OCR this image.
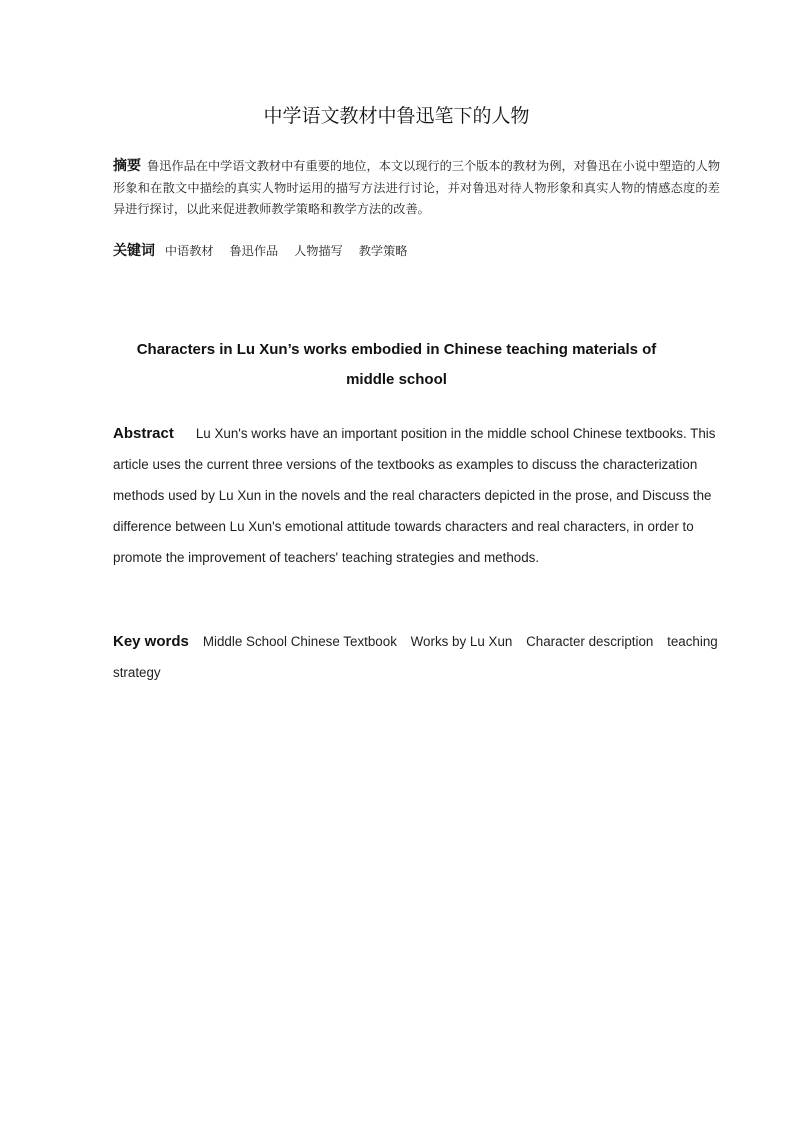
中学语文教材中鲁迅笔下的人物
摘要 鲁迅作品在中学语文教材中有重要的地位，本文以现行的三个版本的教材为例，对鲁迅在小说中塑造的人物形象和在散文中描绘的真实人物时运用的描写方法进行讨论，并对鲁迅对待人物形象和真实人物的情感态度的差异进行探讨，以此来促进教师教学策略和教学方法的改善。
关键词 中语教材 鲁迅作品 人物描写 教学策略
Characters in Lu Xun’s works embodied in Chinese teaching materials of
middle school
Abstract Lu Xun's works have an important position in the middle school Chinese textbooks. This article uses the current three versions of the textbooks as examples to discuss the characterization methods used by Lu Xun in the novels and the real characters depicted in the prose, and Discuss the difference between Lu Xun's emotional attitude towards characters and real characters, in order to promote the improvement of teachers' teaching strategies and methods.
Key words Middle School Chinese Textbook Works by Lu Xun Character description teaching strategy
